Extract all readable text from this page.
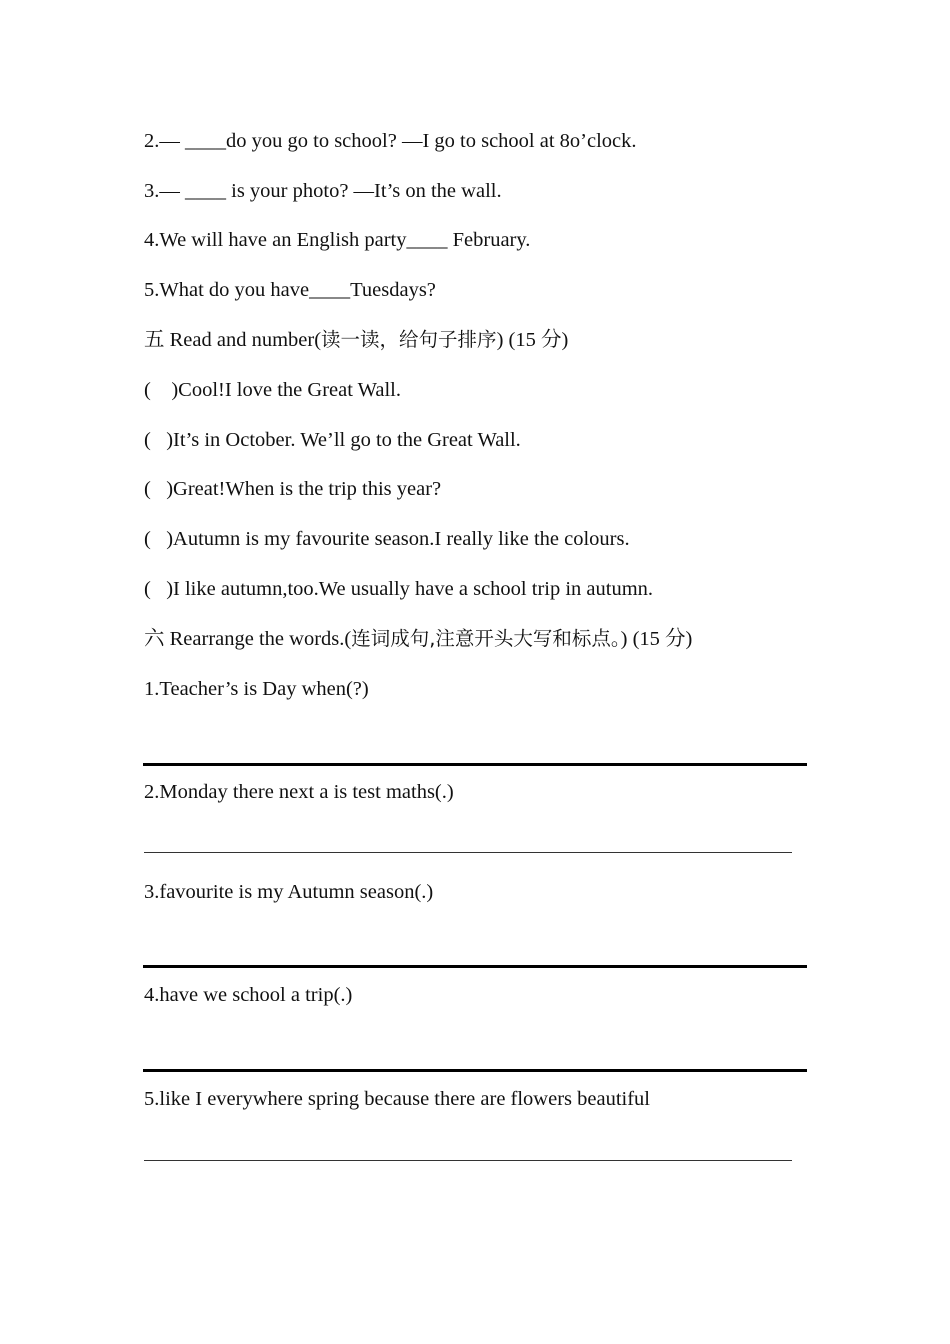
2.— ____do you go to school? —I go to school at 8o’clock.
3.— ____ is your photo? —It’s on the wall.
4.We will have an English party____ February.
5.What do you have____Tuesdays?
五 Read and number(读一读，给句子排序) (15 分)
(    )Cool!I love the Great Wall.
(   )It’s in October. We’ll go to the Great Wall.
(   )Great!When is the trip this year?
(   )Autumn is my favourite season.I really like the colours.
(   )I like autumn,too.We usually have a school trip in autumn.
六 Rearrange the words.(连词成句,注意开头大写和标点。) (15 分)
1.Teacher’s is Day when(?)
2.Monday there next a is test maths(.)
3.favourite is my Autumn season(.)
4.have we school a trip(.)
5.like I everywhere spring because there are flowers beautiful
